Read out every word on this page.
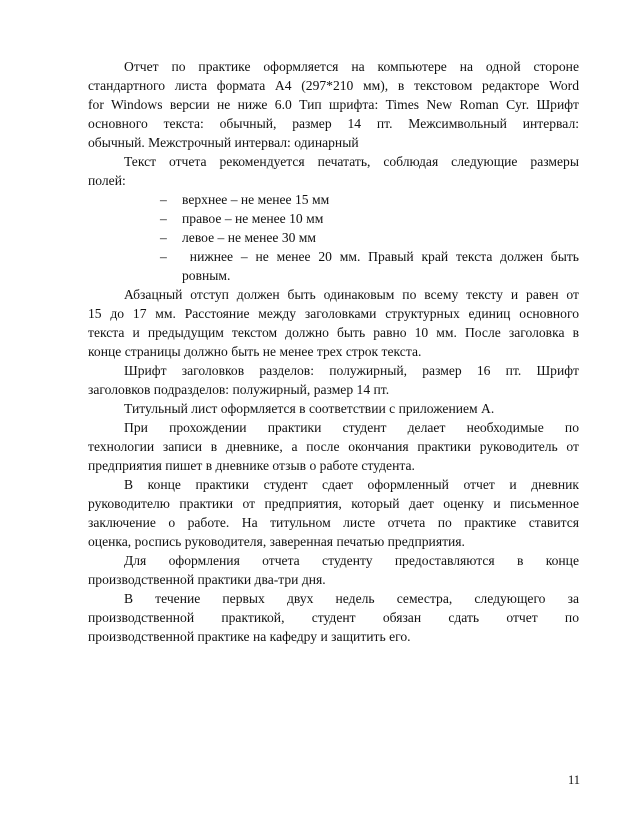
Отчет по практике оформляется на компьютере на одной стороне
стандартного листа формата А4 (297*210 мм), в текстовом редакторе Word
for Windows версии не ниже 6.0 Тип шрифта: Times New Roman Cyr. Шрифт
основного текста: обычный, размер 14 пт. Межсимвольный интервал:
обычный. Межстрочный интервал: одинарный
Текст отчета рекомендуется печатать, соблюдая следующие размеры
полей:
– верхнее – не менее 15 мм
– правое – не менее 10 мм
– левое – не менее 30 мм
– нижнее – не менее 20 мм. Правый край текста должен быть
ровным.
Абзацный отступ должен быть одинаковым по всему тексту и равен от
15 до 17 мм. Расстояние между заголовками структурных единиц основного
текста и предыдущим текстом должно быть равно 10 мм. После заголовка в
конце страницы должно быть не менее трех строк текста.
Шрифт заголовков разделов: полужирный, размер 16 пт. Шрифт
заголовков подразделов: полужирный, размер 14 пт.
Титульный лист оформляется в соответствии с приложением А.
При прохождении практики студент делает необходимые по
технологии записи в дневнике, а после окончания практики руководитель от
предприятия пишет в дневнике отзыв о работе студента.
В конце практики студент сдает оформленный отчет и дневник
руководителю практики от предприятия, который дает оценку и письменное
заключение о работе. На титульном листе отчета по практике ставится
оценка, роспись руководителя, заверенная печатью предприятия.
Для оформления отчета студенту предоставляются в конце
производственной практики два-три дня.
В течение первых двух недель семестра, следующего за
производственной практикой, студент обязан сдать отчет по
производственной практике на кафедру и защитить его.
11
